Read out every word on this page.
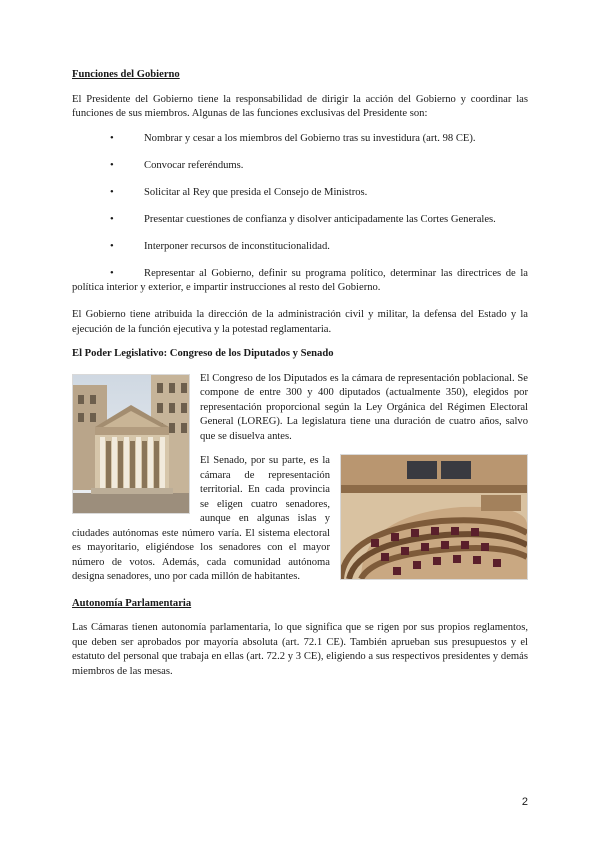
Funciones del Gobierno

El Presidente del Gobierno tiene la responsabilidad de dirigir la acción del Gobierno y coordinar las funciones de sus miembros. Algunas de las funciones exclusivas del Presidente son:

•	Nombrar y cesar a los miembros del Gobierno tras su investidura (art. 98 CE).
•	Convocar referéndums.
•	Solicitar al Rey que presida el Consejo de Ministros.
•	Presentar cuestiones de confianza y disolver anticipadamente las Cortes Generales.
•	Interponer recursos de inconstitucionalidad.
•	Representar al Gobierno, definir su programa político, determinar las directrices de la política interior y exterior, e impartir instrucciones al resto del Gobierno.

El Gobierno tiene atribuida la dirección de la administración civil y militar, la defensa del Estado y la ejecución de la función ejecutiva y la potestad reglamentaria.

El Poder Legislativo: Congreso de los Diputados y Senado

El Congreso de los Diputados es la cámara de representación poblacional. Se compone de entre 300 y 400 diputados (actualmente 350), elegidos por representación proporcional según la Ley Orgánica del Régimen Electoral General (LOREG). La legislatura tiene una duración de cuatro años, salvo que se disuelva antes.

El Senado, por su parte, es la cámara de representación territorial. En cada provincia se eligen cuatro senadores, aunque en algunas islas y ciudades autónomas este número varía. El sistema electoral es mayoritario, eligiéndose los senadores con el mayor número de votos. Además, cada comunidad autónoma designa senadores, uno por cada millón de habitantes.

Autonomía Parlamentaria

Las Cámaras tienen autonomía parlamentaria, lo que significa que se rigen por sus propios reglamentos, que deben ser aprobados por mayoría absoluta (art. 72.1 CE). También aprueban sus presupuestos y el estatuto del personal que trabaja en ellas (art. 72.2 y 3 CE), eligiendo a sus respectivos presidentes y demás miembros de las mesas.

2
